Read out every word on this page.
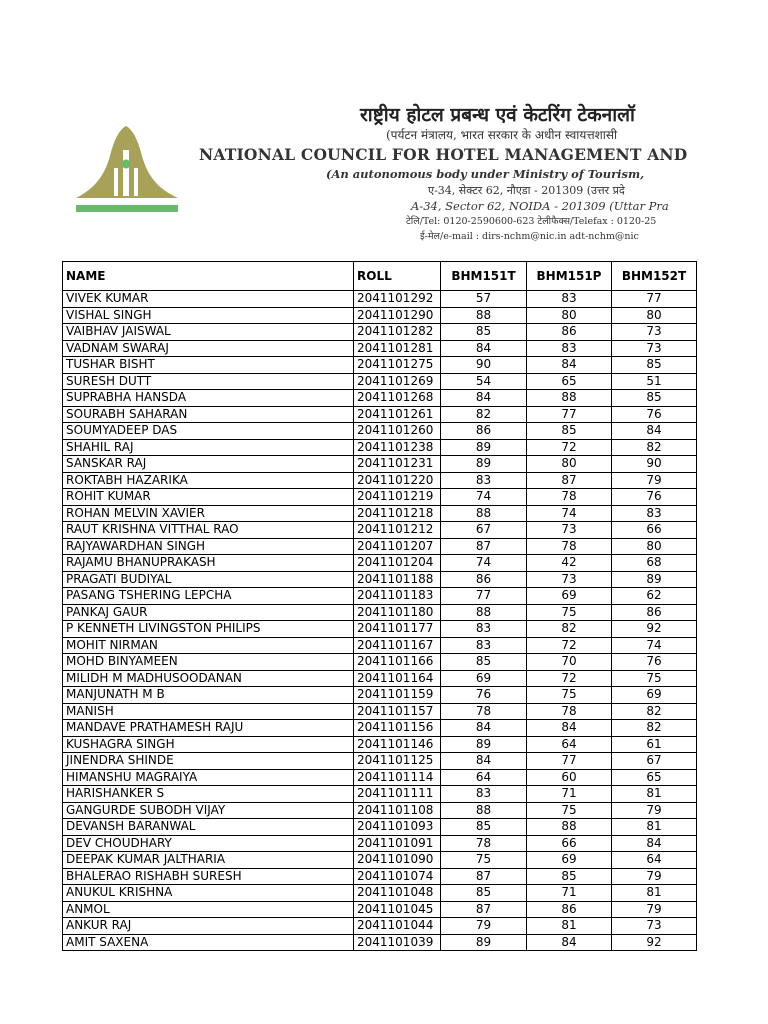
राष्ट्रीय होटल प्रबन्ध एवं केटरिंग टेकनालॉ
(पर्यटन मंत्रालय, भारत सरकार के अधीन स्वायत्तशासी
NATIONAL COUNCIL FOR HOTEL MANAGEMENT AND
(An autonomous body under Ministry of Tourism,
ए-34, सेक्टर 62, नौएडा - 201309 (उत्तर प्रदे
A-34, Sector 62, NOIDA - 201309 (Uttar Pra
टेलि/Tel: 0120-2590600-623 टेलीफैक्स/Telefax : 0120-25
ई-मेल/e-mail : dirs-nchm@nic.in adt-nchm@nic
NAME	ROLL	BHM151T	BHM151P	BHM152T
VIVEK KUMAR	2041101292	57	83	77
VISHAL SINGH	2041101290	88	80	80
VAIBHAV JAISWAL	2041101282	85	86	73
VADNAM SWARAJ	2041101281	84	83	73
TUSHAR BISHT	2041101275	90	84	85
SURESH DUTT	2041101269	54	65	51
SUPRABHA HANSDA	2041101268	84	88	85
SOURABH SAHARAN	2041101261	82	77	76
SOUMYADEEP DAS	2041101260	86	85	84
SHAHIL RAJ	2041101238	89	72	82
SANSKAR RAJ	2041101231	89	80	90
ROKTABH HAZARIKA	2041101220	83	87	79
ROHIT KUMAR	2041101219	74	78	76
ROHAN MELVIN XAVIER	2041101218	88	74	83
RAUT KRISHNA VITTHAL RAO	2041101212	67	73	66
RAJYAWARDHAN SINGH	2041101207	87	78	80
RAJAMU BHANUPRAKASH	2041101204	74	42	68
PRAGATI BUDIYAL	2041101188	86	73	89
PASANG TSHERING LEPCHA	2041101183	77	69	62
PANKAJ GAUR	2041101180	88	75	86
P KENNETH LIVINGSTON PHILIPS	2041101177	83	82	92
MOHIT NIRMAN	2041101167	83	72	74
MOHD BINYAMEEN	2041101166	85	70	76
MILIDH M MADHUSOODANAN	2041101164	69	72	75
MANJUNATH M B	2041101159	76	75	69
MANISH	2041101157	78	78	82
MANDAVE PRATHAMESH RAJU	2041101156	84	84	82
KUSHAGRA SINGH	2041101146	89	64	61
JINENDRA SHINDE	2041101125	84	77	67
HIMANSHU MAGRAIYA	2041101114	64	60	65
HARISHANKER S	2041101111	83	71	81
GANGURDE SUBODH VIJAY	2041101108	88	75	79
DEVANSH BARANWAL	2041101093	85	88	81
DEV CHOUDHARY	2041101091	78	66	84
DEEPAK KUMAR JALTHARIA	2041101090	75	69	64
BHALERAO RISHABH SURESH	2041101074	87	85	79
ANUKUL KRISHNA	2041101048	85	71	81
ANMOL	2041101045	87	86	79
ANKUR RAJ	2041101044	79	81	73
AMIT SAXENA	2041101039	89	84	92
